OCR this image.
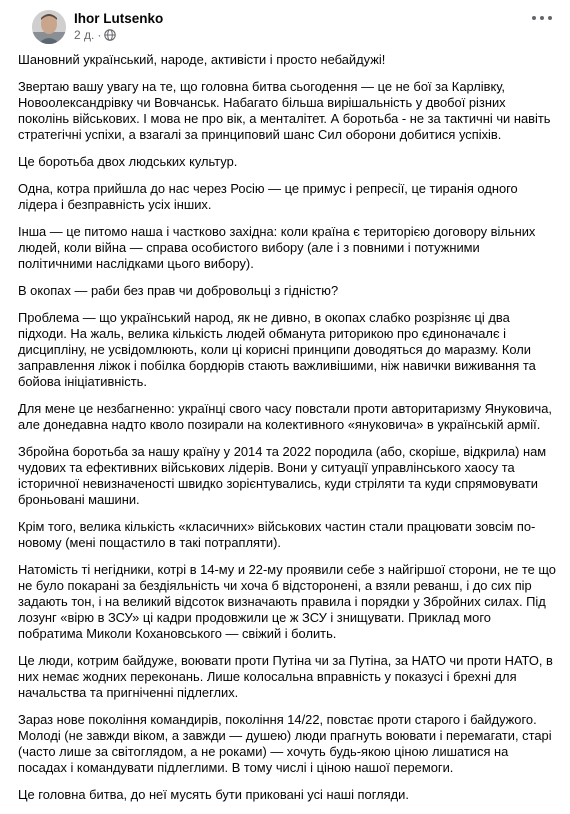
Ihor Lutsenko
2 д. ·

Шановний український, народе, активісти і просто небайдужі!

Звертаю вашу увагу на те, що головна битва сьогодення — це не бої за Карлівку, Новоолександрівку чи Вовчанськ. Набагато більша вирішальність у двобої різних поколінь військових. І мова не про вік, а менталітет. А боротьба - не за тактичні чи навіть стратегічні успіхи, а взагалі за принциповий шанс Сил оборони добитися успіхів.

Це боротьба двох людських культур.

Одна, котра прийшла до нас через Росію — це примус і репресії, це тиранія одного лідера і безправність усіх інших.

Інша — це питомо наша і частково західна: коли країна є територією договору вільних людей, коли війна — справа особистого вибору (але і з повними і потужними політичними наслідками цього вибору).

В окопах — раби без прав чи добровольці з гідністю?

Проблема — що український народ, як не дивно, в окопах слабко розрізняє ці два підходи. На жаль, велика кількість людей обманута риторикою про єдиноначалє і дисципліну, не усвідомлюють, коли ці корисні принципи доводяться до маразму. Коли заправлення ліжок і побілка бордюрів стають важливішими, ніж навички виживання та бойова ініціативність.

Для мене це незбагненно: українці свого часу повстали проти авторитаризму Януковича, але донедавна надто кволо позирали на колективного «януковича» в українській армії.

Збройна боротьба за нашу країну у 2014 та 2022 породила (або, скоріше, відкрила) нам чудових та ефективних військових лідерів. Вони у ситуації управлінського хаосу та історичної невизначеності швидко зорієнтувались, куди стріляти та куди спрямовувати броньовані машини.

Крім того, велика кількість «класичних» військових частин стали працювати зовсім по-новому (мені пощастило в такі потрапляти).

Натомість ті негідники, котрі в 14-му и 22-му проявили себе з найгіршої сторони, не те що не було покарані за бездіяльність чи хоча б відсторонені, а взяли реванш, і до сих пір задають тон, і на великий відсоток визначають правила і порядки у Збройних силах. Під лозунг «вірю в ЗСУ» ці кадри продовжили це ж ЗСУ і знищувати. Приклад мого побратима Миколи Кохановського — свіжий і болить.

Це люди, котрим байдуже, воювати проти Путіна чи за Путіна, за НАТО чи проти НАТО, в них немає жодних переконань. Лише колосальна вправність у показусі і брехні для начальства та пригніченні підлеглих.

Зараз нове покоління командирів, покоління 14/22, повстає проти старого і байдужого. Молоді (не завжди віком, а завжди — душею) люди прагнуть воювати і перемагати, старі (часто лише за світоглядом, а не роками) — хочуть будь-якою ціною лишатися на посадах і командувати підлеглими. В тому числі і ціною нашої перемоги.

Це головна битва, до неї мусять бути приковані усі наші погляди.
